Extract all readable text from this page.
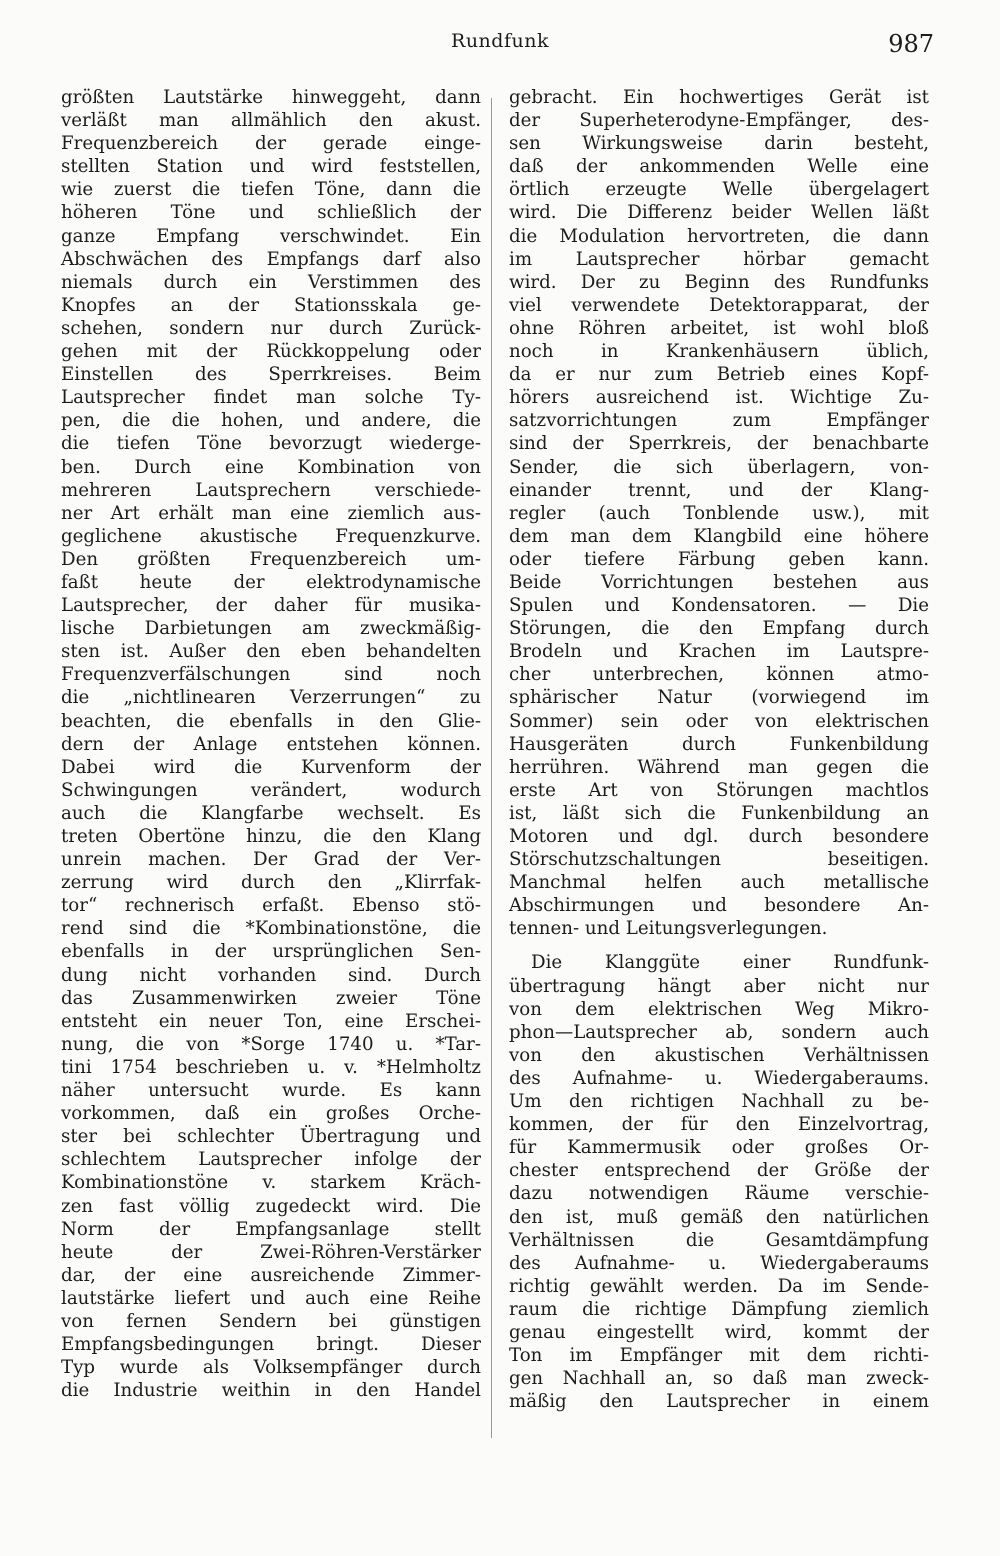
Rundfunk	987
größten Lautstärke hinweggeht, dann
verläßt man allmählich den akust.
Frequenzbereich der gerade einge-
stellten Station und wird feststellen,
wie zuerst die tiefen Töne, dann die
höheren Töne und schließlich der
ganze Empfang verschwindet. Ein
Abschwächen des Empfangs darf also
niemals durch ein Verstimmen des
Knopfes an der Stationsskala ge-
schehen, sondern nur durch Zurück-
gehen mit der Rückkoppelung oder
Einstellen des Sperrkreises. Beim
Lautsprecher findet man solche Ty-
pen, die die hohen, und andere, die
die tiefen Töne bevorzugt wiederge-
ben. Durch eine Kombination von
mehreren Lautsprechern verschiede-
ner Art erhält man eine ziemlich aus-
geglichene akustische Frequenzkurve.
Den größten Frequenzbereich um-
faßt heute der elektrodynamische
Lautsprecher, der daher für musika-
lische Darbietungen am zweckmäßig-
sten ist. Außer den eben behandelten
Frequenzverfälschungen sind noch
die „nichtlinearen Verzerrungen“ zu
beachten, die ebenfalls in den Glie-
dern der Anlage entstehen können.
Dabei wird die Kurvenform der
Schwingungen verändert, wodurch
auch die Klangfarbe wechselt. Es
treten Obertöne hinzu, die den Klang
unrein machen. Der Grad der Ver-
zerrung wird durch den „Klirrfak-
tor“ rechnerisch erfaßt. Ebenso stö-
rend sind die *Kombinationstöne, die
ebenfalls in der ursprünglichen Sen-
dung nicht vorhanden sind. Durch
das Zusammenwirken zweier Töne
entsteht ein neuer Ton, eine Erschei-
nung, die von *Sorge 1740 u. *Tar-
tini 1754 beschrieben u. v. *Helmholtz
näher untersucht wurde. Es kann
vorkommen, daß ein großes Orche-
ster bei schlechter Übertragung und
schlechtem Lautsprecher infolge der
Kombinationstöne v. starkem Kräch-
zen fast völlig zugedeckt wird. Die
Norm der Empfangsanlage stellt
heute der Zwei-Röhren-Verstärker
dar, der eine ausreichende Zimmer-
lautstärke liefert und auch eine Reihe
von fernen Sendern bei günstigen
Empfangsbedingungen bringt. Dieser
Typ wurde als Volksempfänger durch
die Industrie weithin in den Handel
gebracht. Ein hochwertiges Gerät ist
der Superheterodyne-Empfänger, des-
sen Wirkungsweise darin besteht,
daß der ankommenden Welle eine
örtlich erzeugte Welle übergelagert
wird. Die Differenz beider Wellen läßt
die Modulation hervortreten, die dann
im Lautsprecher hörbar gemacht
wird. Der zu Beginn des Rundfunks
viel verwendete Detektorapparat, der
ohne Röhren arbeitet, ist wohl bloß
noch in Krankenhäusern üblich,
da er nur zum Betrieb eines Kopf-
hörers ausreichend ist. Wichtige Zu-
satzvorrichtungen zum Empfänger
sind der Sperrkreis, der benachbarte
Sender, die sich überlagern, von-
einander trennt, und der Klang-
regler (auch Tonblende usw.), mit
dem man dem Klangbild eine höhere
oder tiefere Färbung geben kann.
Beide Vorrichtungen bestehen aus
Spulen und Kondensatoren. — Die
Störungen, die den Empfang durch
Brodeln und Krachen im Lautspre-
cher unterbrechen, können atmo-
sphärischer Natur (vorwiegend im
Sommer) sein oder von elektrischen
Hausgeräten durch Funkenbildung
herrühren. Während man gegen die
erste Art von Störungen machtlos
ist, läßt sich die Funkenbildung an
Motoren und dgl. durch besondere
Störschutzschaltungen beseitigen.
Manchmal helfen auch metallische
Abschirmungen und besondere An-
tennen- und Leitungsverlegungen.
Die Klanggüte einer Rundfunk-
übertragung hängt aber nicht nur
von dem elektrischen Weg Mikro-
phon—Lautsprecher ab, sondern auch
von den akustischen Verhältnissen
des Aufnahme- u. Wiedergaberaums.
Um den richtigen Nachhall zu be-
kommen, der für den Einzelvortrag,
für Kammermusik oder großes Or-
chester entsprechend der Größe der
dazu notwendigen Räume verschie-
den ist, muß gemäß den natürlichen
Verhältnissen die Gesamtdämpfung
des Aufnahme- u. Wiedergaberaums
richtig gewählt werden. Da im Sende-
raum die richtige Dämpfung ziemlich
genau eingestellt wird, kommt der
Ton im Empfänger mit dem richti-
gen Nachhall an, so daß man zweck-
mäßig den Lautsprecher in einem
